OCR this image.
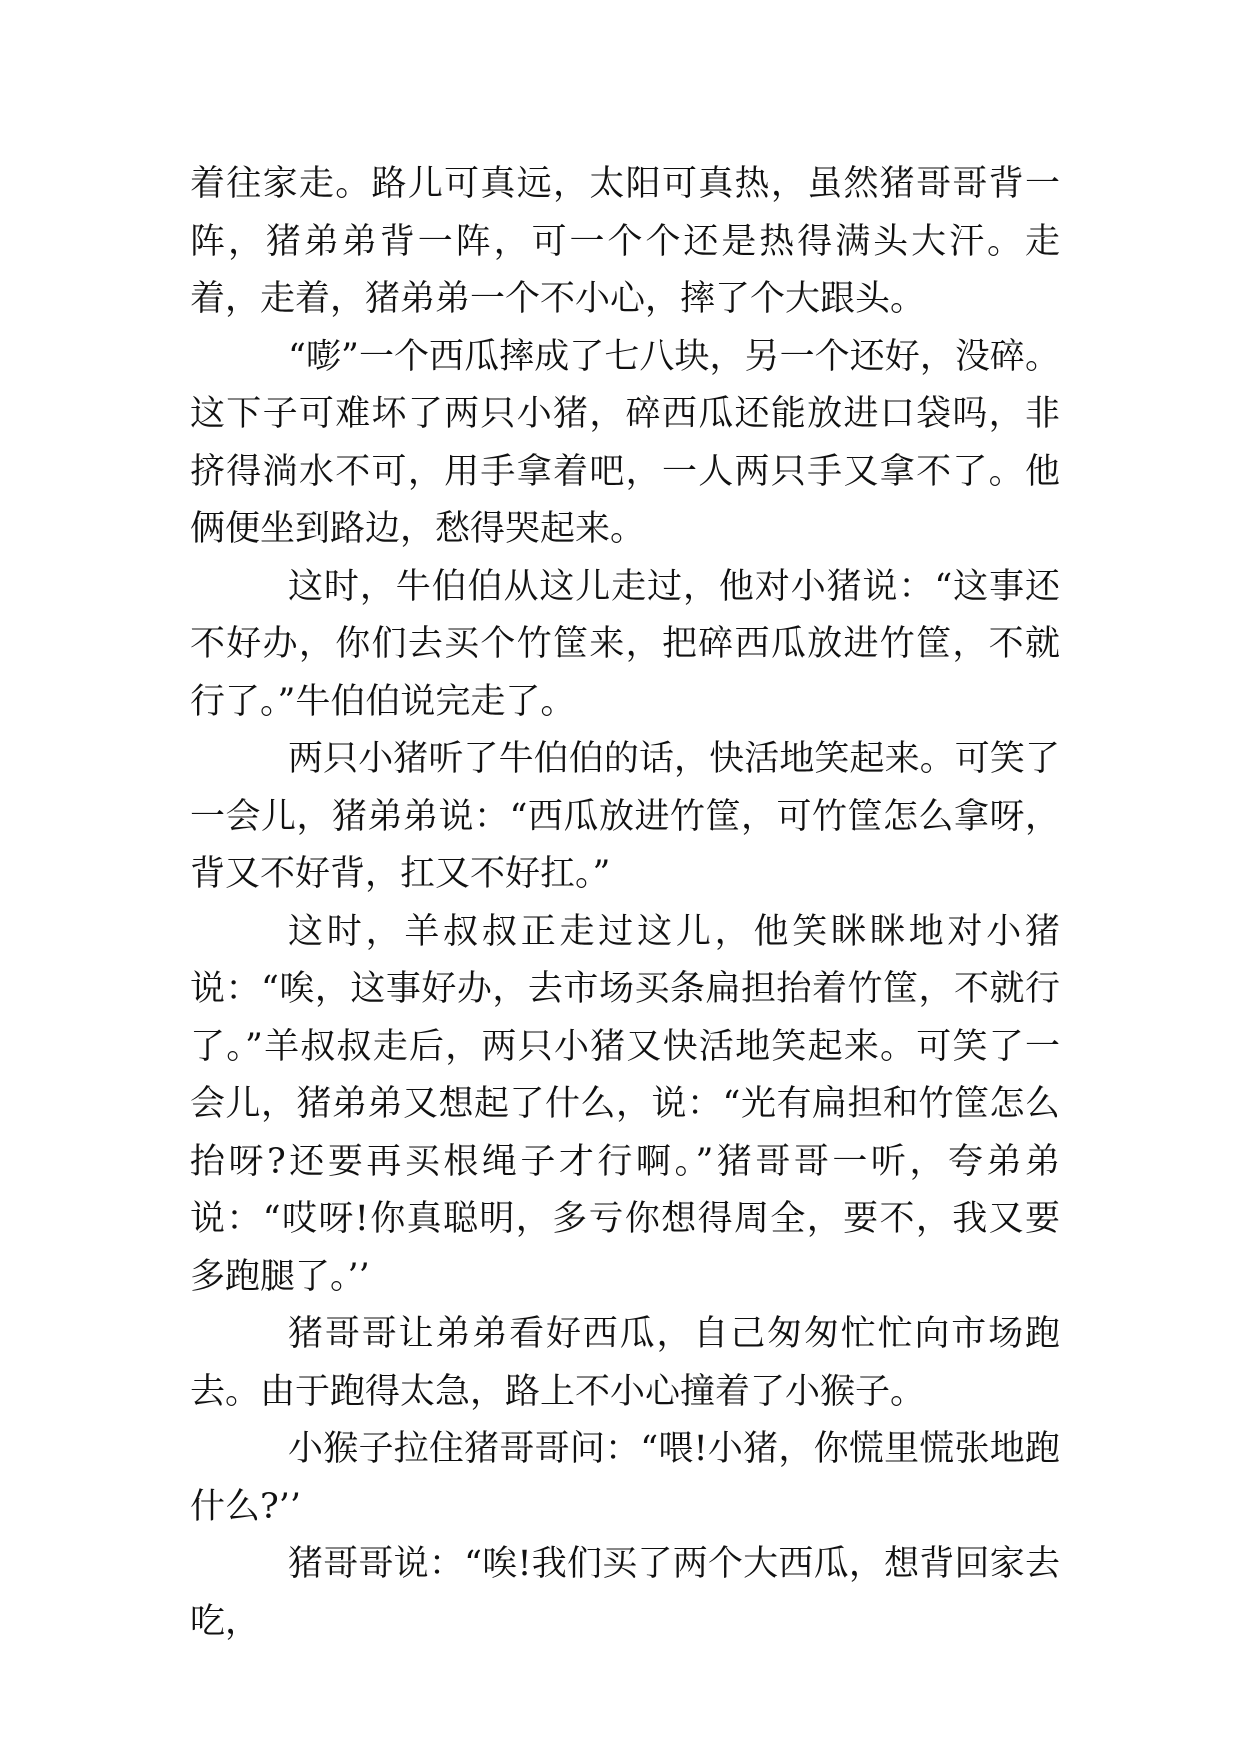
着往家走。路儿可真远，太阳可真热，虽然猪哥哥背一阵，猪弟弟背一阵，可一个个还是热得满头大汗。走着，走着，猪弟弟一个不小心，摔了个大跟头。

“嘭”一个西瓜摔成了七八块，另一个还好，没碎。这下子可难坏了两只小猪，碎西瓜还能放进口袋吗，非挤得淌水不可，用手拿着吧，一人两只手又拿不了。他俩便坐到路边，愁得哭起来。

这时，牛伯伯从这儿走过，他对小猪说：“这事还不好办，你们去买个竹筐来，把碎西瓜放进竹筐，不就行了。”牛伯伯说完走了。

两只小猪听了牛伯伯的话，快活地笑起来。可笑了一会儿，猪弟弟说：“西瓜放进竹筐，可竹筐怎么拿呀，背又不好背，扛又不好扛。”

这时，羊叔叔正走过这儿，他笑眯眯地对小猪说：“唉，这事好办，去市场买条扁担抬着竹筐，不就行了。”羊叔叔走后，两只小猪又快活地笑起来。可笑了一会儿，猪弟弟又想起了什么，说：“光有扁担和竹筐怎么抬呀?还要再买根绳子才行啊。”猪哥哥一听，夸弟弟说：“哎呀!你真聪明，多亏你想得周全，要不，我又要多跑腿了。’’

猪哥哥让弟弟看好西瓜，自己匆匆忙忙向市场跑去。由于跑得太急，路上不小心撞着了小猴子。

小猴子拉住猪哥哥问：“喂!小猪，你慌里慌张地跑什么?’’

猪哥哥说：“唉!我们买了两个大西瓜，想背回家去吃，
